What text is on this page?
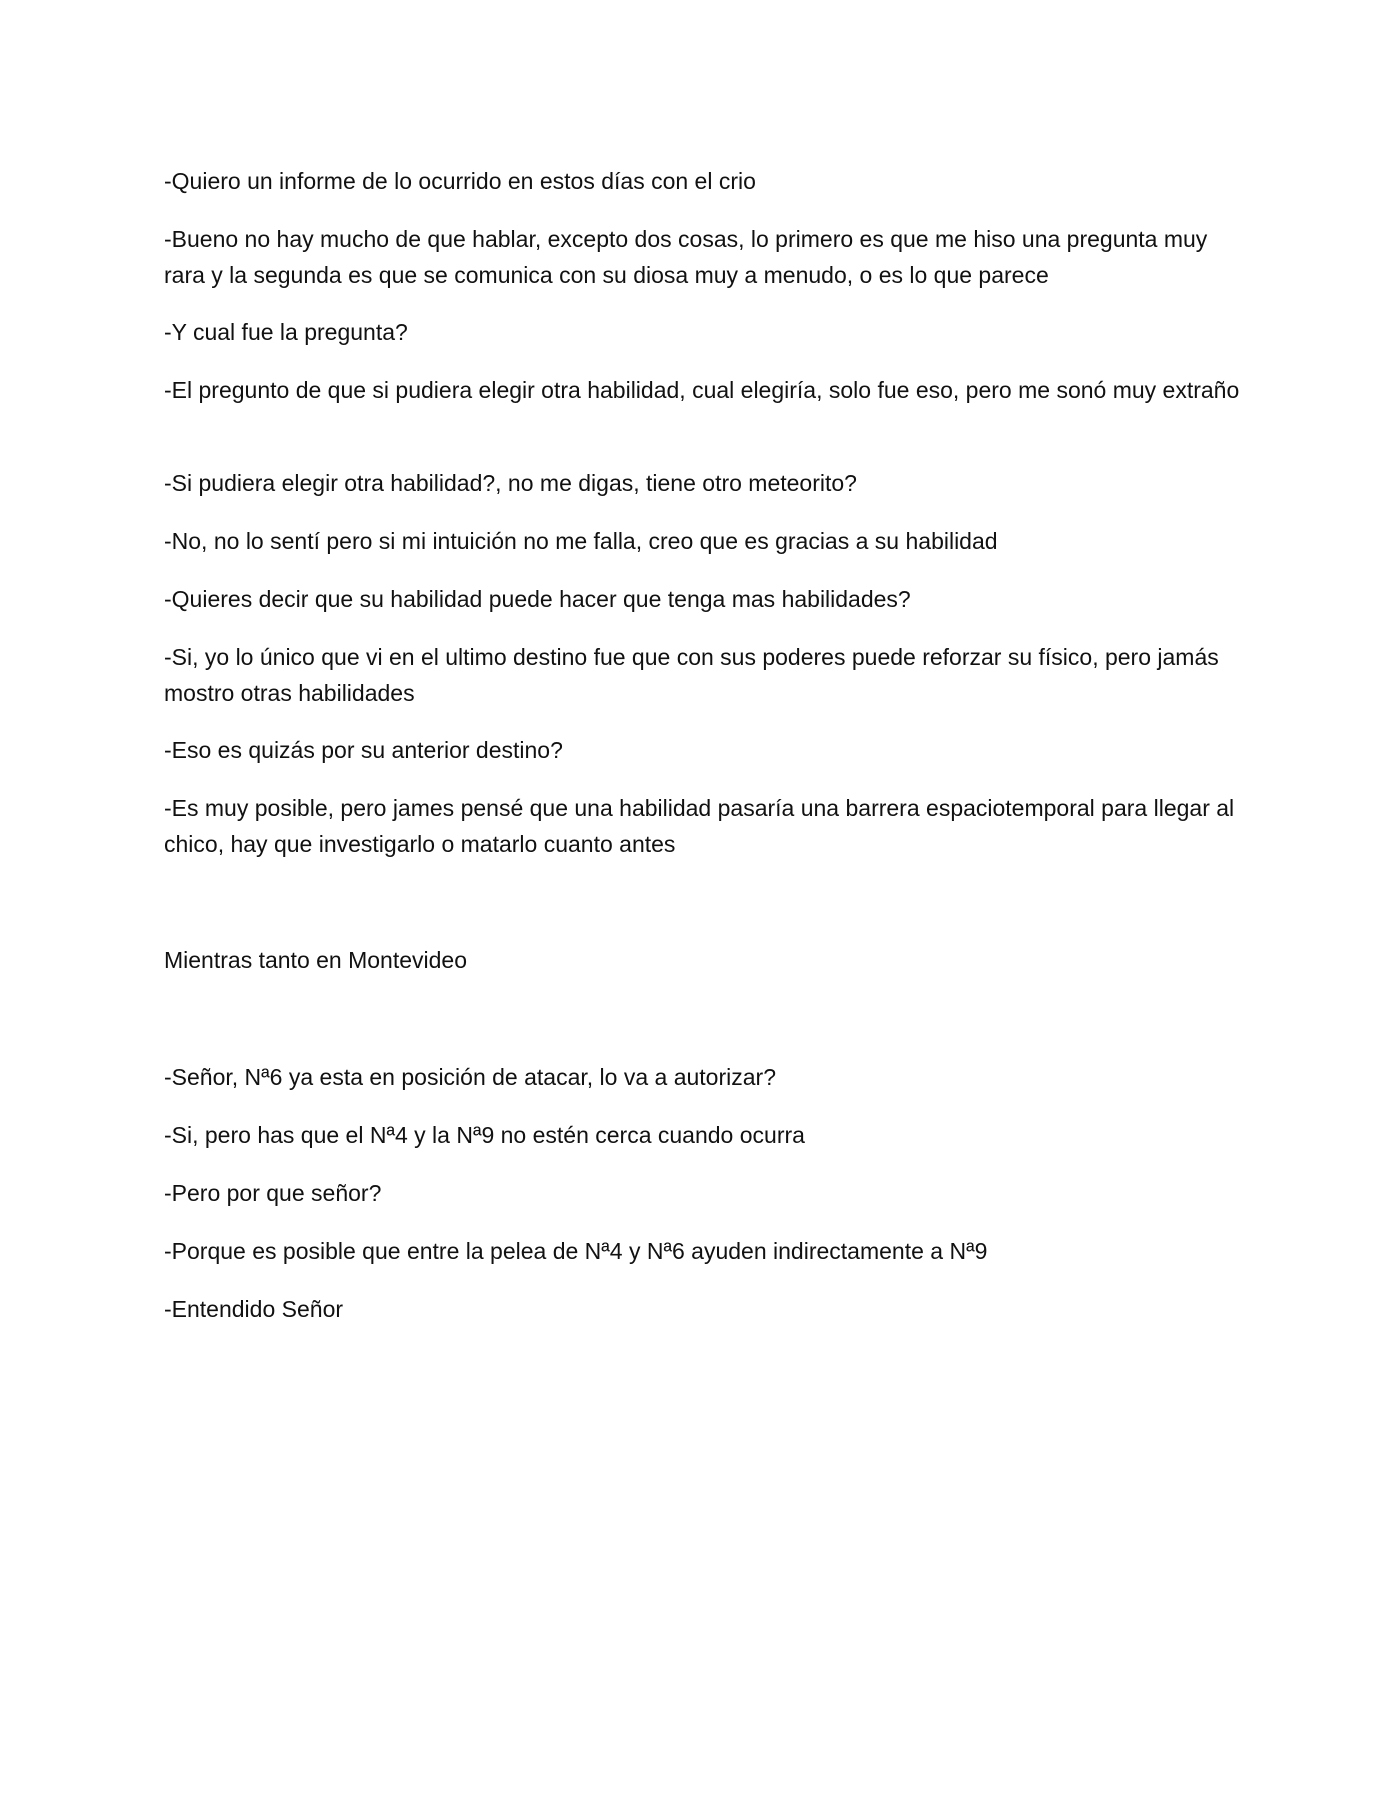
-Quiero un informe de lo ocurrido en estos días con el crio

-Bueno no hay mucho de que hablar, excepto dos cosas, lo primero es que me hiso una pregunta muy rara y la segunda es que se comunica con su diosa muy a menudo, o es lo que parece

-Y cual fue la pregunta?

-El pregunto de que si pudiera elegir otra habilidad, cual elegiría, solo fue eso, pero me sonó muy extraño

-Si pudiera elegir otra habilidad?, no me digas, tiene otro meteorito?

-No, no lo sentí pero si mi intuición no me falla, creo que es gracias a su habilidad

-Quieres decir que su habilidad puede hacer que tenga mas habilidades?

-Si, yo lo único que vi en el ultimo destino fue que con sus poderes puede reforzar su físico, pero jamás mostro otras habilidades

-Eso es quizás por su anterior destino?

-Es muy posible, pero james pensé que una habilidad pasaría una barrera espaciotemporal para llegar al chico, hay que investigarlo o matarlo cuanto antes

Mientras tanto en Montevideo

-Señor, Nª6 ya esta en posición de atacar, lo va a autorizar?

-Si, pero has que el Nª4 y la Nª9 no estén cerca cuando ocurra

-Pero por que señor?

-Porque es posible que entre la pelea de Nª4 y Nª6 ayuden indirectamente a Nª9

-Entendido Señor
